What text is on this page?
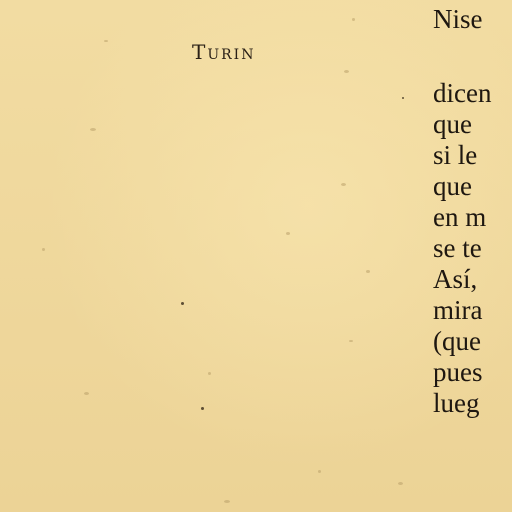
Turin
Nise
dicen
que
si le
que
en m
se te
Así,
mira
(que
pues
lueg
